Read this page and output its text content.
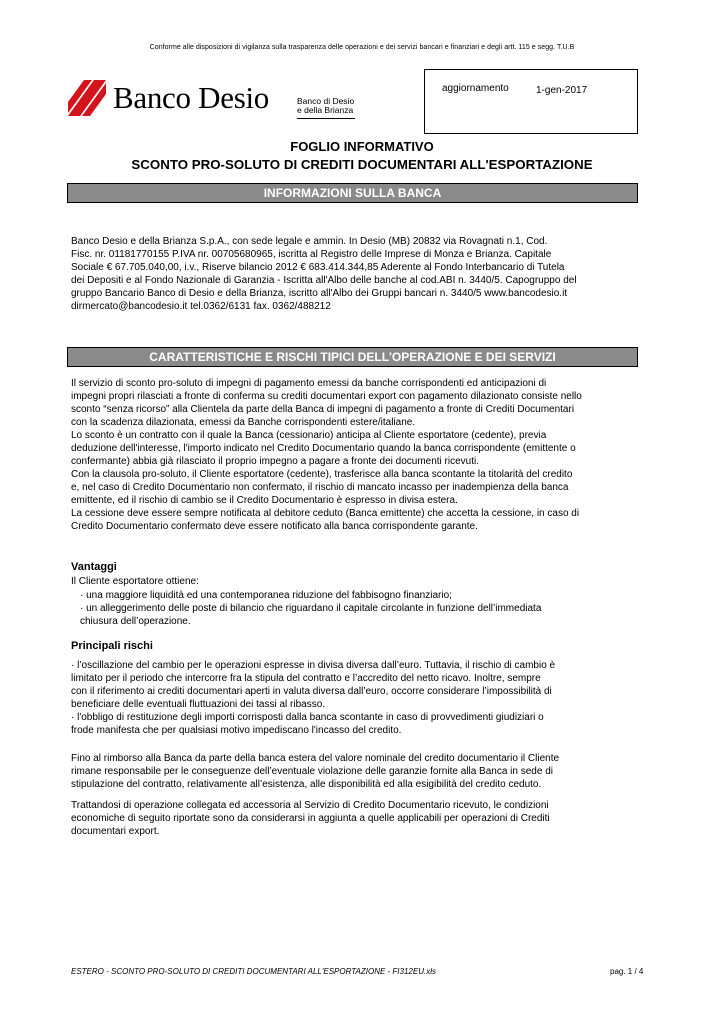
Conforme alle disposizioni di vigilanza sulla trasparenza delle operazioni e dei servizi bancari e finanziari e degli artt. 115 e segg. T.U.B
Banco Desio	Banco di Desio
e della Brianza
aggiornamento	1-gen-2017
FOGLIO INFORMATIVO
SCONTO PRO-SOLUTO DI CREDITI DOCUMENTARI ALL'ESPORTAZIONE
INFORMAZIONI SULLA BANCA
Banco Desio e della Brianza S.p.A., con sede legale e ammin. In Desio (MB) 20832 via Rovagnati n.1, Cod.
Fisc. nr. 01181770155 P.IVA nr. 00705680965, iscritta al Registro delle Imprese di Monza e Brianza. Capitale
Sociale € 67.705.040,00, i.v., Riserve bilancio 2012 € 683.414.344,85 Aderente al Fondo Interbancario di Tutela
dei Depositi e al Fondo Nazionale di Garanzia - Iscritta all'Albo delle banche al cod.ABI n. 3440/5. Capogruppo del
gruppo Bancario Banco di Desio e della Brianza, iscritto all'Albo dei Gruppi bancari n. 3440/5 www.bancodesio.it
dirmercato@bancodesio.it tel.0362/6131 fax. 0362/488212
CARATTERISTICHE E RISCHI TIPICI DELL'OPERAZIONE E DEI SERVIZI
Il servizio di sconto pro-soluto di impegni di pagamento emessi da banche corrispondenti ed anticipazioni di
impegni propri rilasciati a fronte di conferma su crediti documentari export con pagamento dilazionato consiste nello
sconto “senza ricorso” alla Clientela da parte della Banca di impegni di pagamento a fronte di Crediti Documentari
con la scadenza dilazionata, emessi da Banche corrispondenti estere/italiane.
Lo sconto è un contratto con il quale la Banca (cessionario) anticipa al Cliente esportatore (cedente), previa
deduzione dell'interesse, l'importo indicato nel Credito Documentario quando la banca corrispondente (emittente o
confermante) abbia già rilasciato il proprio impegno a pagare a fronte dei documenti ricevuti.
Con la clausola pro-soluto, il Cliente esportatore (cedente), trasferisce alla banca scontante la titolarità del credito
e, nel caso di Credito Documentario non confermato, il rischio di mancato incasso per inadempienza della banca
emittente, ed il rischio di cambio se il Credito Documentario è espresso in divisa estera.
La cessione deve essere sempre notificata al debitore ceduto (Banca emittente) che accetta la cessione, in caso di
Credito Documentario confermato deve essere notificato alla banca corrispondente garante.
Vantaggi
Il Cliente esportatore ottiene:
· una maggiore liquidità ed una contemporanea riduzione del fabbisogno finanziario;
· un alleggerimento delle poste di bilancio che riguardano il capitale circolante in funzione dell’immediata
chiusura dell’operazione.
Principali rischi
· l’oscillazione del cambio per le operazioni espresse in divisa diversa dall’euro. Tuttavia, il rischio di cambio è
limitato per il periodo che intercorre fra la stipula del contratto e l’accredito del netto ricavo. Inoltre, sempre
con il riferimento ai crediti documentari aperti in valuta diversa dall’euro, occorre considerare l’impossibilità di
beneficiare delle eventuali fluttuazioni dei tassi al ribasso.
· l'obbligo di restituzione degli importi corrisposti dalla banca scontante in caso di provvedimenti giudiziari o
frode manifesta che per qualsiasi motivo impediscano l'incasso del credito.
Fino al rimborso alla Banca da parte della banca estera del valore nominale del credito documentario il Cliente
rimane responsabile per le conseguenze dell’eventuale violazione delle garanzie fornite alla Banca in sede di
stipulazione del contratto, relativamente all’esistenza, alle disponibilità ed alla esigibilità del credito ceduto.
Trattandosi di operazione collegata ed accessoria al Servizio di Credito Documentario ricevuto, le condizioni
economiche di seguito riportate sono da considerarsi in aggiunta a quelle applicabili per operazioni di Crediti
documentari export.
ESTERO - SCONTO PRO-SOLUTO DI CREDITI DOCUMENTARI ALL'ESPORTAZIONE - FI312EU.xls	pag. 1 / 4
